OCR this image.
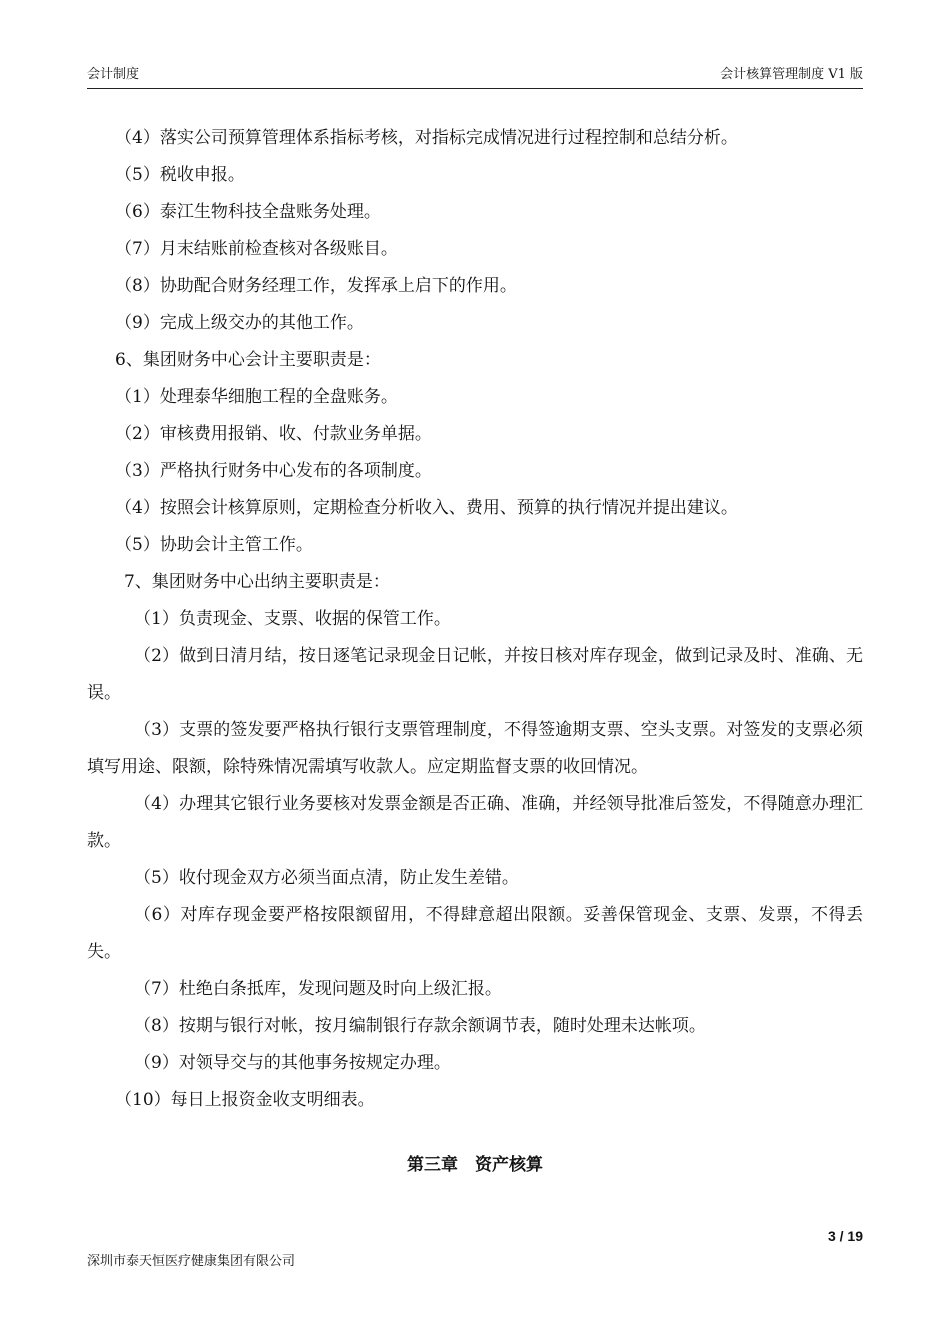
会计制度	会计核算管理制度 V1 版

（4）落实公司预算管理体系指标考核，对指标完成情况进行过程控制和总结分析。

（5）税收申报。

（6）泰江生物科技全盘账务处理。

（7）月末结账前检查核对各级账目。

（8）协助配合财务经理工作，发挥承上启下的作用。

（9）完成上级交办的其他工作。

6、集团财务中心会计主要职责是：

（1）处理泰华细胞工程的全盘账务。

（2）审核费用报销、收、付款业务单据。

（3）严格执行财务中心发布的各项制度。

（4）按照会计核算原则，定期检查分析收入、费用、预算的执行情况并提出建议。

（5）协助会计主管工作。

7、集团财务中心出纳主要职责是：

（1）负责现金、支票、收据的保管工作。

（2）做到日清月结，按日逐笔记录现金日记帐，并按日核对库存现金，做到记录及时、准确、无误。

（3）支票的签发要严格执行银行支票管理制度，不得签逾期支票、空头支票。对签发的支票必须填写用途、限额，除特殊情况需填写收款人。应定期监督支票的收回情况。

（4）办理其它银行业务要核对发票金额是否正确、准确，并经领导批准后签发，不得随意办理汇款。

（5）收付现金双方必须当面点清，防止发生差错。

（6）对库存现金要严格按限额留用，不得肆意超出限额。妥善保管现金、支票、发票，不得丢失。

（7）杜绝白条抵库，发现问题及时向上级汇报。

（8）按期与银行对帐，按月编制银行存款余额调节表，随时处理未达帐项。

（9）对领导交与的其他事务按规定办理。

（10）每日上报资金收支明细表。

第三章　资产核算
3 / 19
深圳市泰天恒医疗健康集团有限公司
